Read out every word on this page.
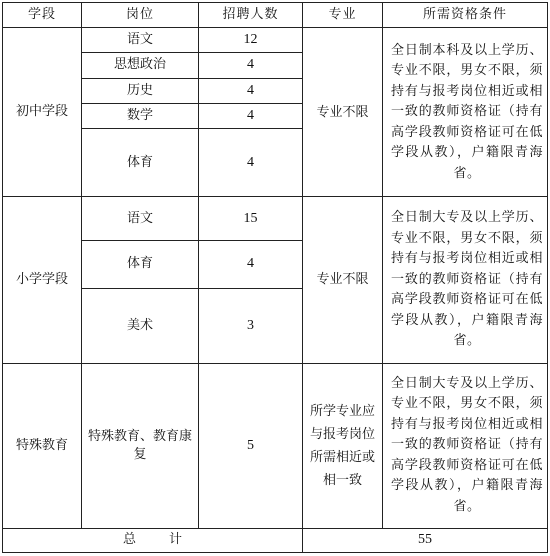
学段	岗位	招聘人数	专业	所需资格条件
初中学段	语文	12	专业不限	全日制本科及以上学历、专业不限，男女不限，须持有与报考岗位相近或相一致的教师资格证（持有高学段教师资格证可在低学段从教），户籍限青海省。
	思想政治	4		
	历史	4		
	数学	4		
	体育	4		
小学学段	语文	15	专业不限	全日制大专及以上学历、专业不限，男女不限，须持有与报考岗位相近或相一致的教师资格证（持有高学段教师资格证可在低学段从教），户籍限青海省。
	体育	4		
	美术	3		
特殊教育	特殊教育、教育康复	5	所学专业应与报考岗位所需相近或相一致	全日制大专及以上学历、专业不限，男女不限，须持有与报考岗位相近或相一致的教师资格证（持有高学段教师资格证可在低学段从教），户籍限青海省。
总        计			55	
